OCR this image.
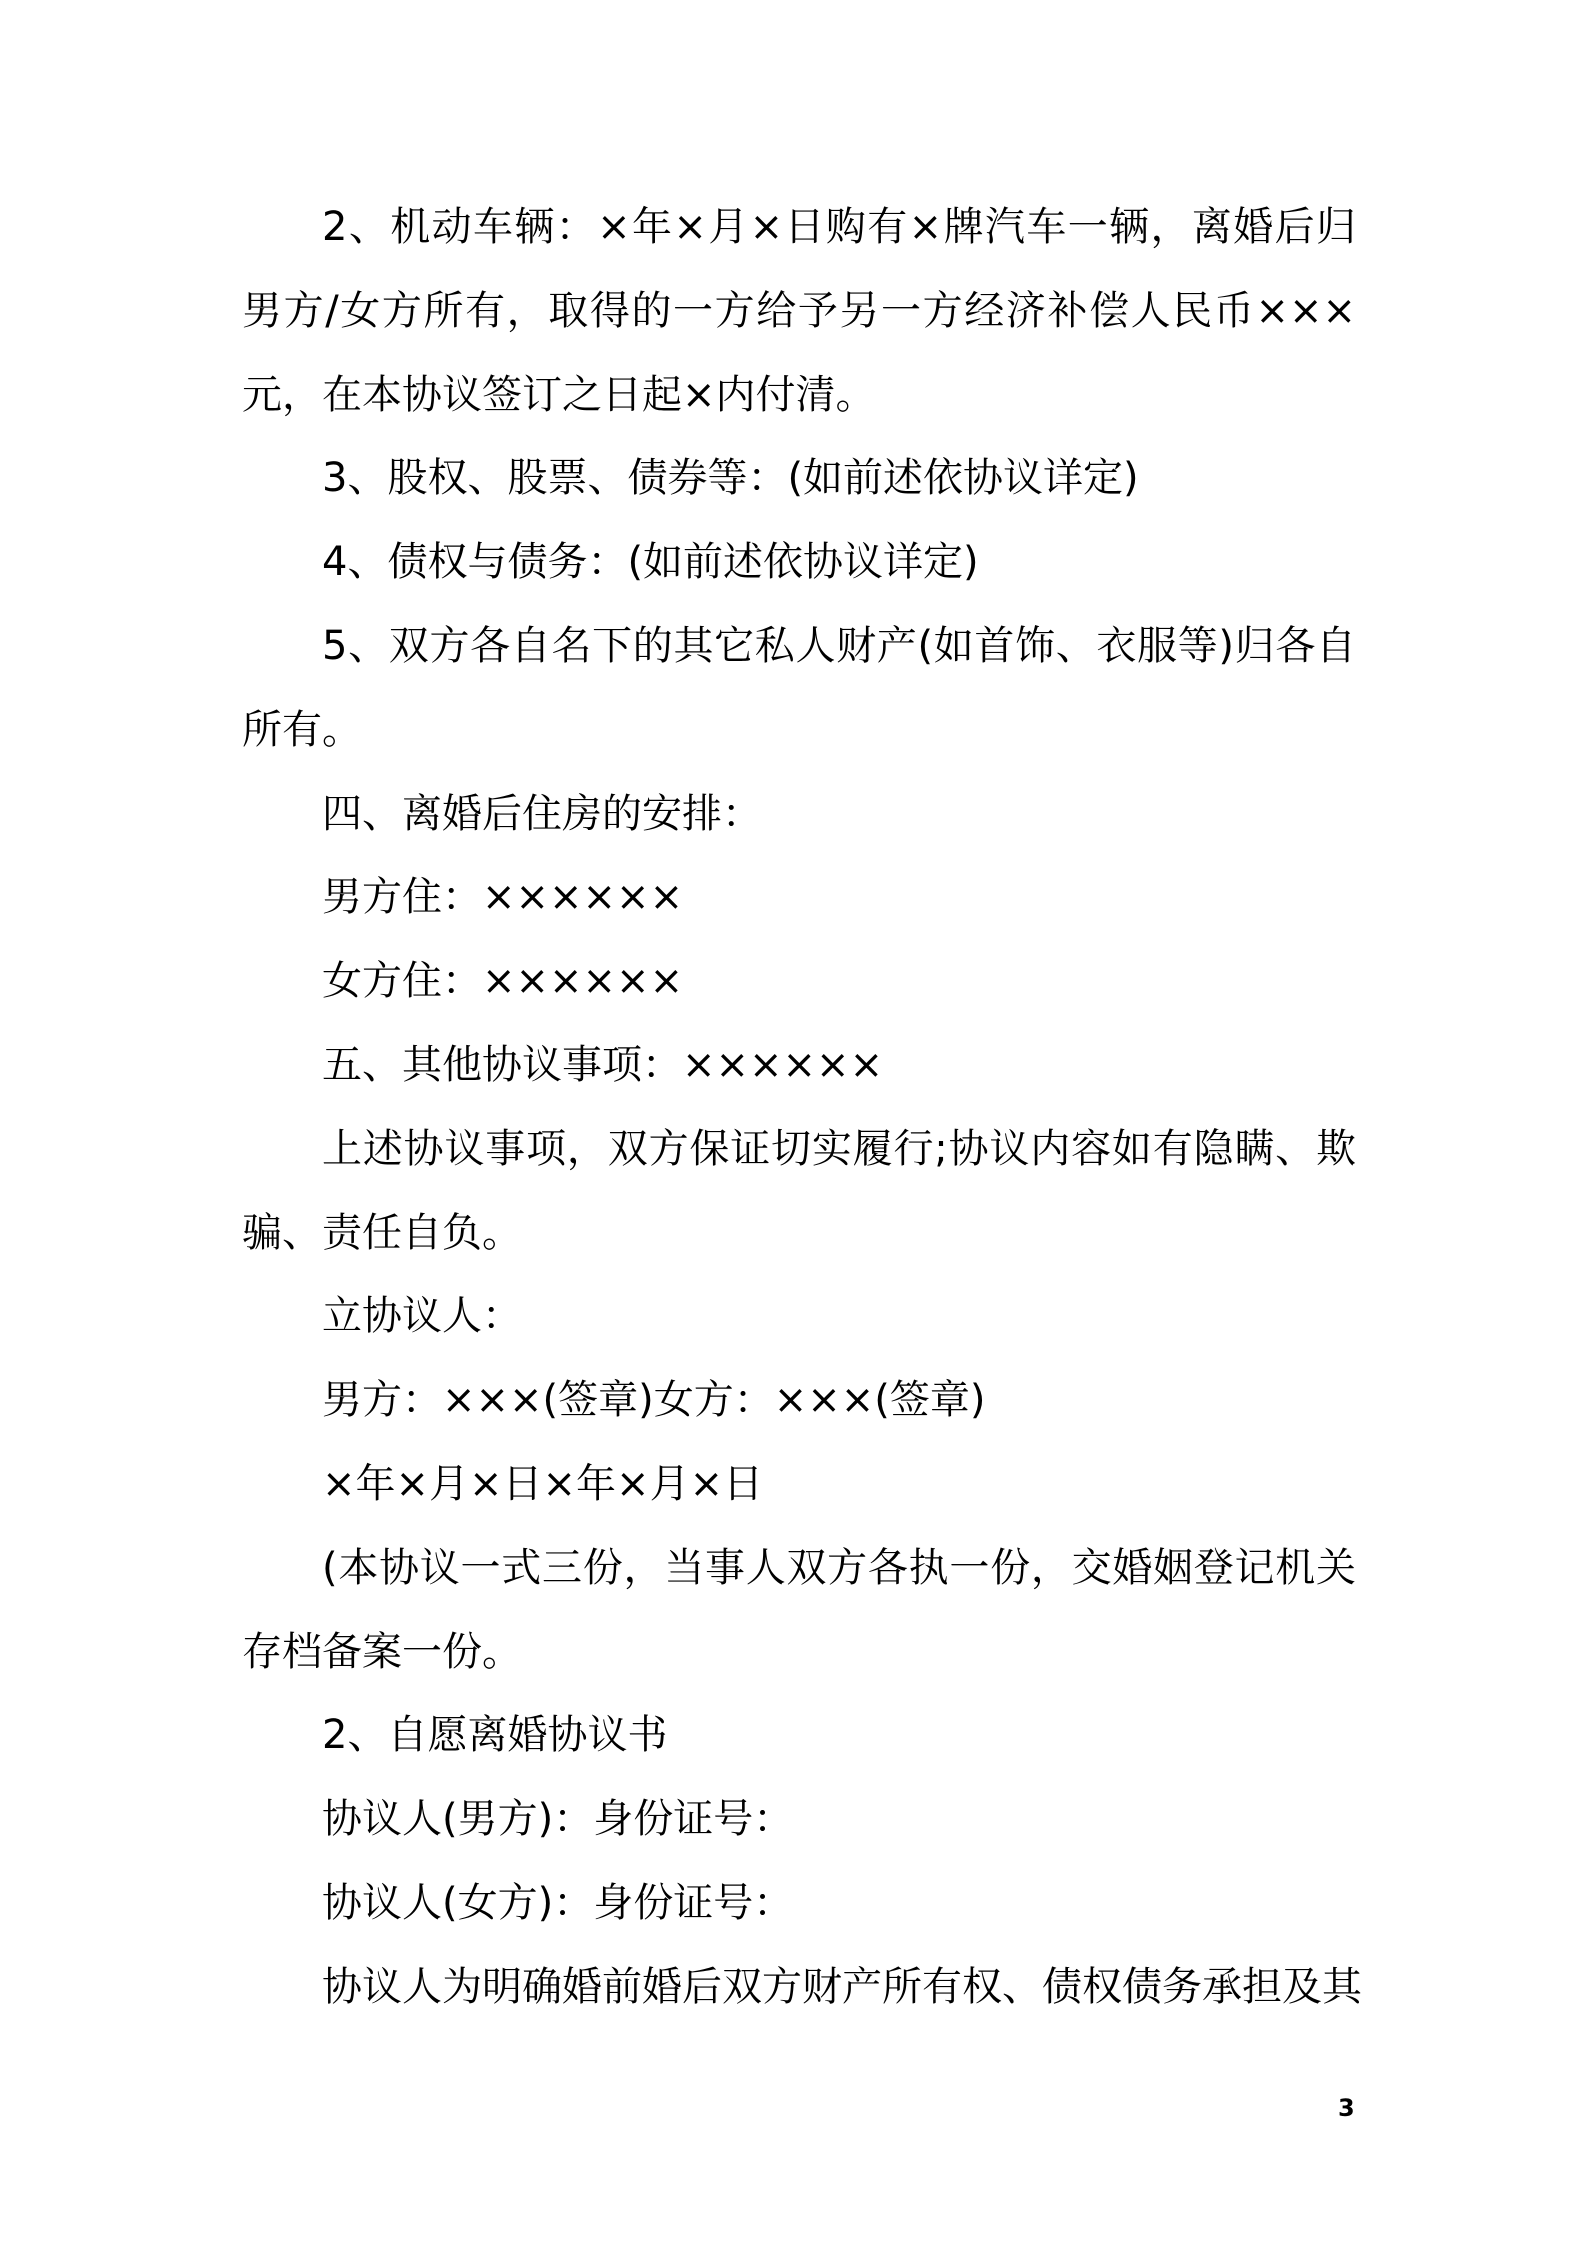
2、机动车辆：×年×月×日购有×牌汽车一辆，离婚后归
男方/女方所有，取得的一方给予另一方经济补偿人民币×××
元，在本协议签订之日起×内付清。
3、股权、股票、债券等：(如前述依协议详定)
4、债权与债务：(如前述依协议详定)
5、双方各自名下的其它私人财产(如首饰、衣服等)归各自
所有。
四、离婚后住房的安排：
男方住：××××××
女方住：××××××
五、其他协议事项：××××××
上述协议事项，双方保证切实履行;协议内容如有隐瞒、欺
骗、责任自负。
立协议人：
男方：×××(签章)女方：×××(签章)
×年×月×日×年×月×日
(本协议一式三份，当事人双方各执一份，交婚姻登记机关
存档备案一份。
2、自愿离婚协议书
协议人(男方)：身份证号：
协议人(女方)：身份证号：
协议人为明确婚前婚后双方财产所有权、债权债务承担及其
3
